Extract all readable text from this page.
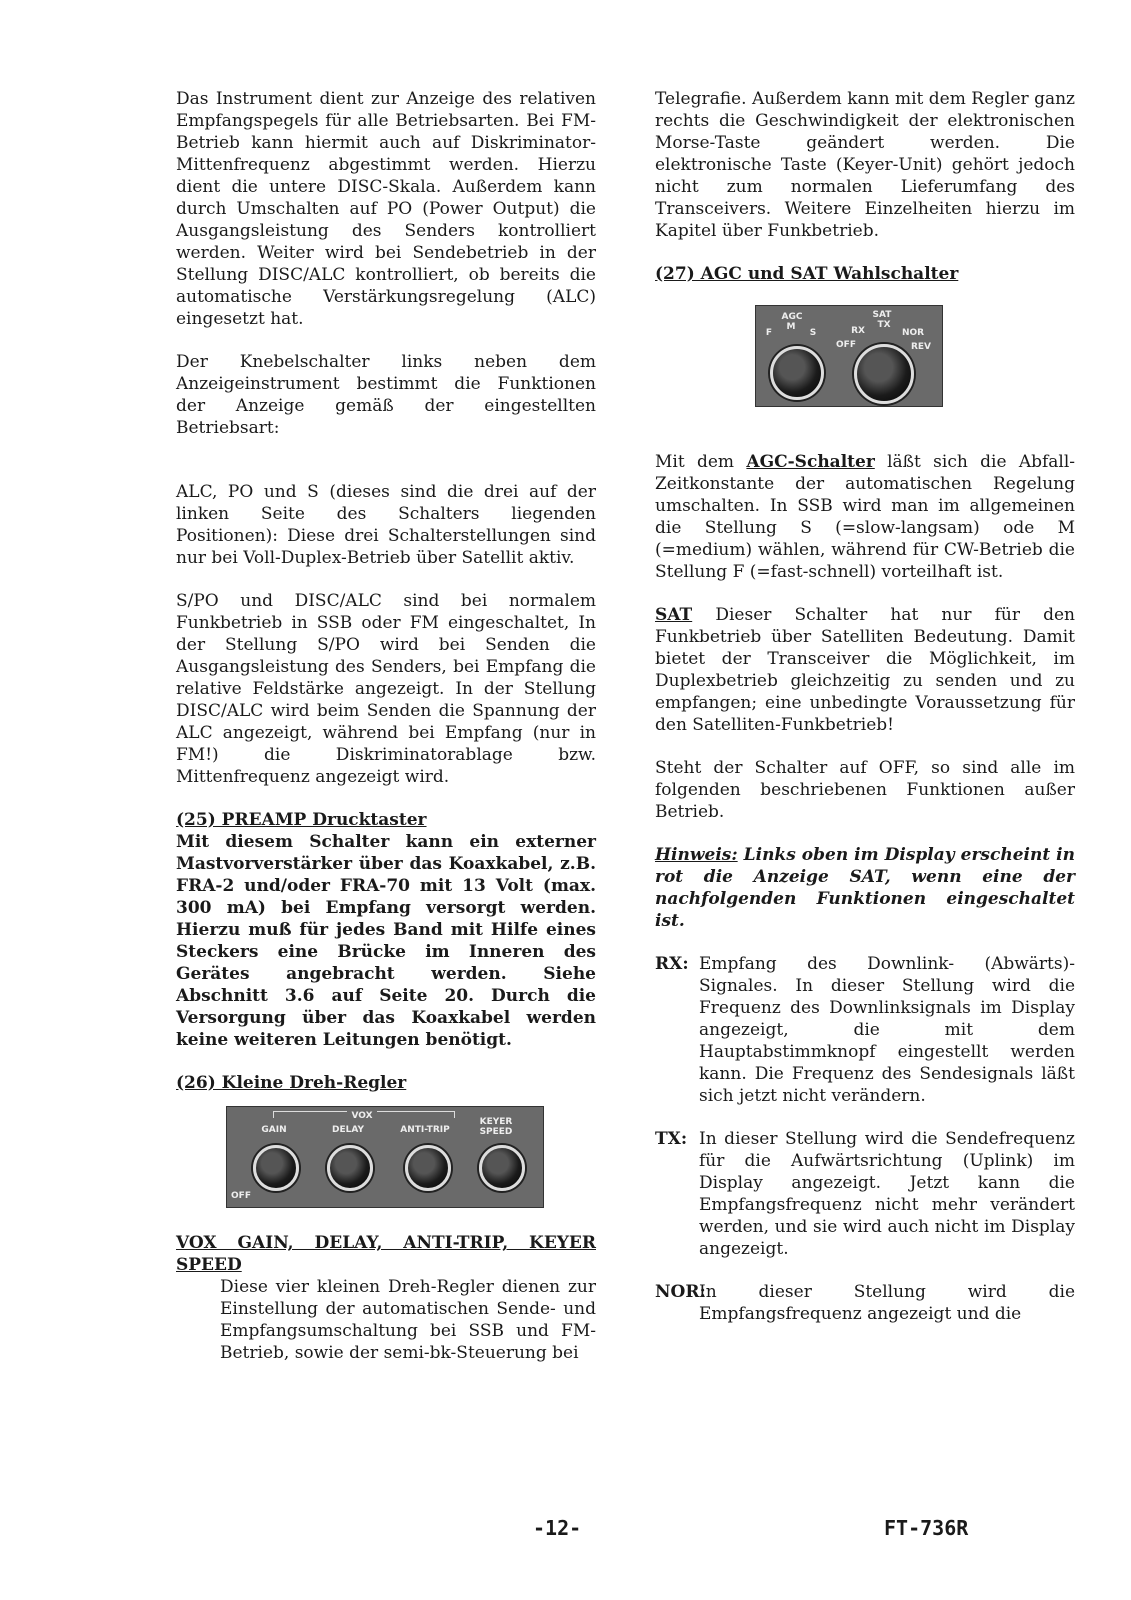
Das Instrument dient zur Anzeige des relativen Empfangspegels für alle Betriebsarten. Bei FM-Betrieb kann hiermit auch auf Diskriminator-Mittenfrequenz abgestimmt werden. Hierzu dient die untere DISC-Skala. Außerdem kann durch Umschalten auf PO (Power Output) die Ausgangsleistung des Senders kontrolliert werden. Weiter wird bei Sendebetrieb in der Stellung DISC/ALC kontrolliert, ob bereits die automatische Verstärkungsregelung (ALC) eingesetzt hat.

Der Knebelschalter links neben dem Anzeigeinstrument bestimmt die Funktionen der Anzeige gemäß der eingestellten Betriebsart:

ALC, PO und S (dieses sind die drei auf der linken Seite des Schalters liegenden Positionen): Diese drei Schalterstellungen sind nur bei Voll-Duplex-Betrieb über Satellit aktiv.

S/PO und DISC/ALC sind bei normalem Funkbetrieb in SSB oder FM eingeschaltet, In der Stellung S/PO wird bei Senden die Ausgangsleistung des Senders, bei Empfang die relative Feldstärke angezeigt. In der Stellung DISC/ALC wird beim Senden die Spannung der ALC angezeigt, während bei Empfang (nur in FM!) die Diskriminatorablage bzw. Mittenfrequenz angezeigt wird.

(25) PREAMP Drucktaster

Mit diesem Schalter kann ein externer Mastvorverstärker über das Koaxkabel, z.B. FRA-2 und/oder FRA-70 mit 13 Volt (max. 300 mA) bei Empfang versorgt werden. Hierzu muß für jedes Band mit Hilfe eines Steckers eine Brücke im Inneren des Gerätes angebracht werden. Siehe Abschnitt 3.6 auf Seite 20. Durch die Versorgung über das Koaxkabel werden keine weiteren Leitungen benötigt.

(26) Kleine Dreh-Regler

VOX
GAIN	DELAY	ANTI-TRIP
KEYER SPEED
OFF

VOX GAIN, DELAY, ANTI-TRIP, KEYER SPEED

Diese vier kleinen Dreh-Regler dienen zur Einstellung der automatischen Sende- und Empfangsumschaltung bei SSB und FM-Betrieb, sowie der semi-bk-Steuerung bei

Telegrafie. Außerdem kann mit dem Regler ganz rechts die Geschwindigkeit der elektronischen Morse-Taste geändert werden. Die elektronische Taste (Keyer-Unit) gehört jedoch nicht zum normalen Lieferumfang des Transceivers. Weitere Einzelheiten hierzu im Kapitel über Funkbetrieb.

(27) AGC und SAT Wahlschalter

AGC
F
M
S
SAT
RX
TX
OFF
NOR
REV

Mit dem AGC-Schalter läßt sich die Abfall-Zeitkonstante der automatischen Regelung umschalten. In SSB wird man im allgemeinen die Stellung S (=slow-langsam) ode M (=medium) wählen, während für CW-Betrieb die Stellung F (=fast-schnell) vorteilhaft ist.

SAT Dieser Schalter hat nur für den Funkbetrieb über Satelliten Bedeutung. Damit bietet der Transceiver die Möglichkeit, im Duplexbetrieb gleichzeitig zu senden und zu empfangen; eine unbedingte Voraussetzung für den Satelliten-Funkbetrieb!

Steht der Schalter auf OFF, so sind alle im folgenden beschriebenen Funktionen außer Betrieb.

Hinweis: Links oben im Display erscheint in rot die Anzeige SAT, wenn eine der nachfolgenden Funktionen eingeschaltet ist.

RX: Empfang des Downlink- (Abwärts)-Signales. In dieser Stellung wird die Frequenz des Downlinksignals im Display angezeigt, die mit dem Hauptabstimmknopf eingestellt werden kann. Die Frequenz des Sendesignals läßt sich jetzt nicht verändern.
TX: In dieser Stellung wird die Sendefrequenz für die Aufwärtsrichtung (Uplink) im Display angezeigt. Jetzt kann die Empfangsfrequenz nicht mehr verändert werden, und sie wird auch nicht im Display angezeigt.
NOR:
In dieser Stellung wird die Empfangsfrequenz angezeigt und die
-12-	FT-736R
